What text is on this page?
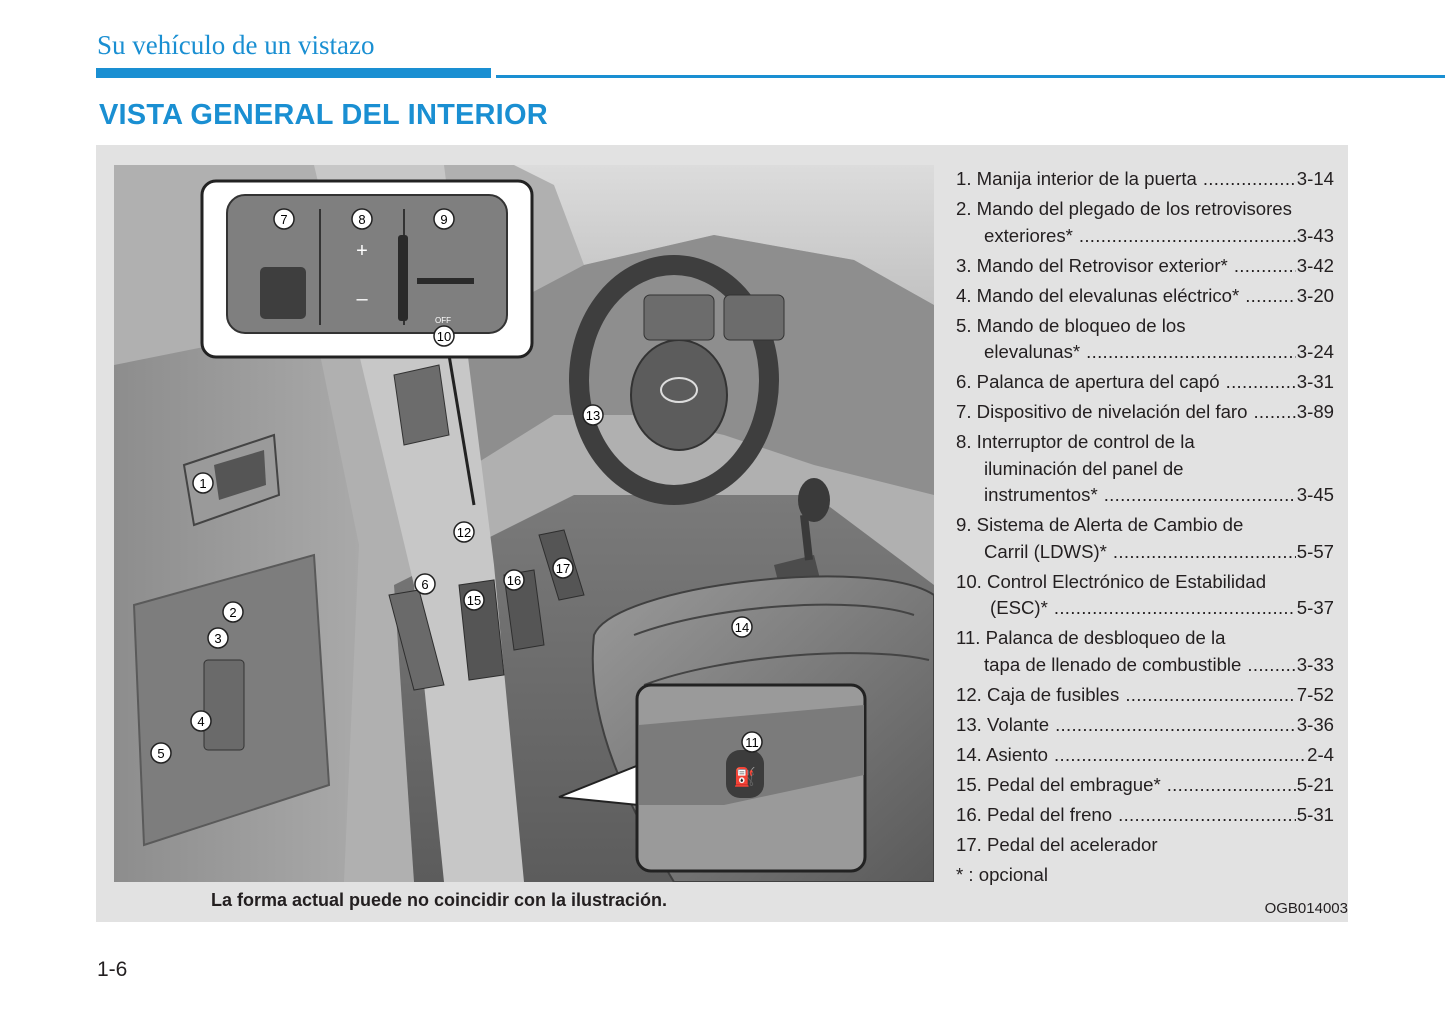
Su vehículo de un vistazo
VISTA GENERAL DEL INTERIOR
+
–
OFF
⛽
1
2
3
4
5
6
7	8	9
10
11
12
13
14
15
16
17
La forma actual puede no coincidir con la ilustración.	OGB014003
1. Manija interior de la puerta .....	3-14
2. Mando del plegado de los retrovisores
exteriores* .....	3-43
3. Mando del Retrovisor exterior* .....	3-42
4. Mando del elevalunas eléctrico* .....	3-20
5. Mando de bloqueo de los
elevalunas* .....	3-24
6. Palanca de apertura del capó .....	3-31
7. Dispositivo de nivelación del faro .....	3-89
8. Interruptor de control de la
iluminación del panel de
instrumentos* .....	3-45
9. Sistema de Alerta de Cambio de
Carril (LDWS)* .....	5-57
10. Control Electrónico de Estabilidad
(ESC)* .....	5-37
11. Palanca de desbloqueo de la
tapa de llenado de combustible .....	3-33
12. Caja de fusibles .....	7-52
13. Volante .....	3-36
14. Asiento .....	2-4
15. Pedal del embrague* .....	5-21
16. Pedal del freno .....	5-31
17. Pedal del acelerador
* : opcional
1-6
